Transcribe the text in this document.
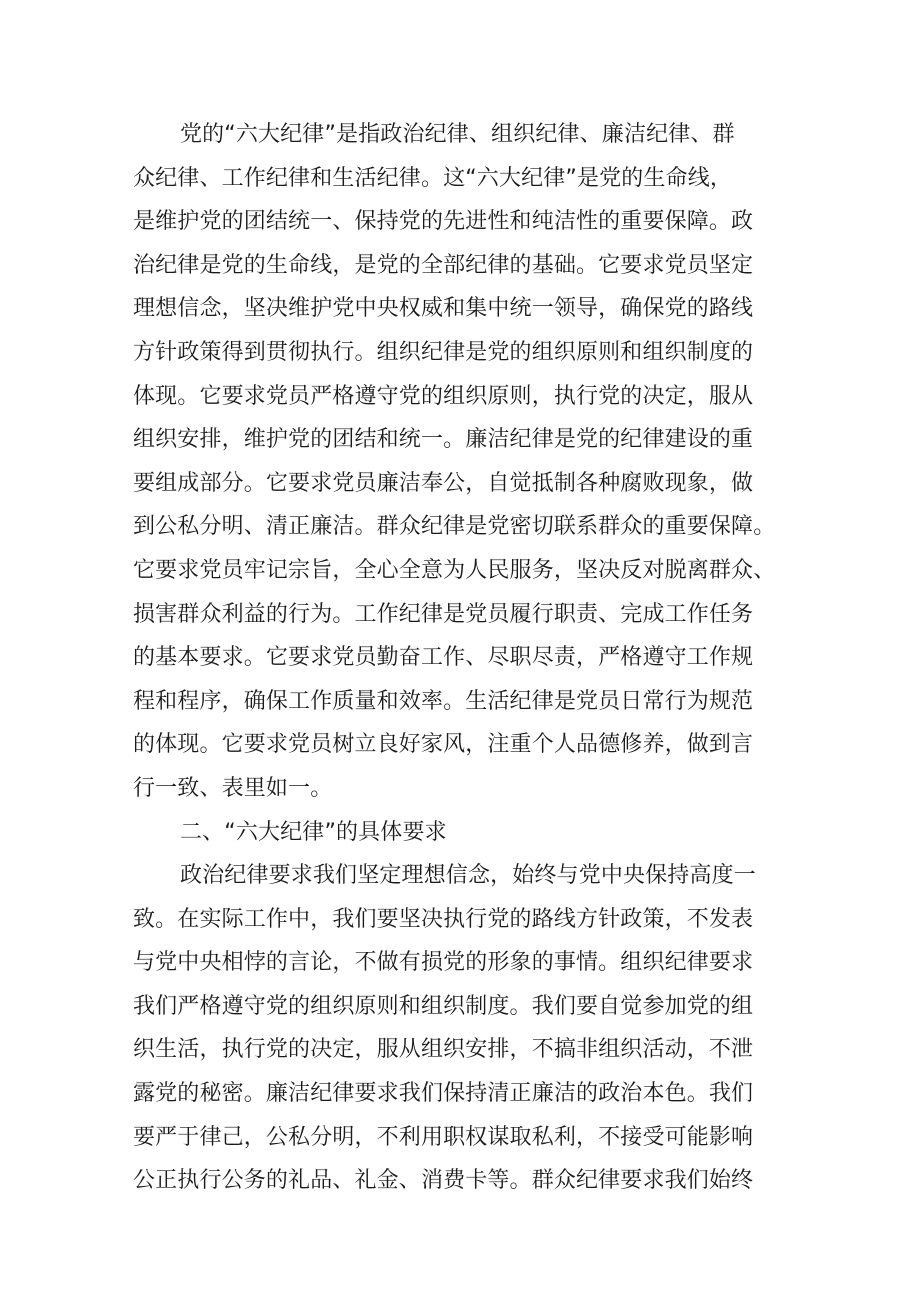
党的“六大纪律”是指政治纪律、组织纪律、廉洁纪律、群
众纪律、工作纪律和生活纪律。这“六大纪律”是党的生命线，
是维护党的团结统一、保持党的先进性和纯洁性的重要保障。政
治纪律是党的生命线，是党的全部纪律的基础。它要求党员坚定
理想信念，坚决维护党中央权威和集中统一领导，确保党的路线
方针政策得到贯彻执行。组织纪律是党的组织原则和组织制度的
体现。它要求党员严格遵守党的组织原则，执行党的决定，服从
组织安排，维护党的团结和统一。廉洁纪律是党的纪律建设的重
要组成部分。它要求党员廉洁奉公，自觉抵制各种腐败现象，做
到公私分明、清正廉洁。群众纪律是党密切联系群众的重要保障。
它要求党员牢记宗旨，全心全意为人民服务，坚决反对脱离群众、
损害群众利益的行为。工作纪律是党员履行职责、完成工作任务
的基本要求。它要求党员勤奋工作、尽职尽责，严格遵守工作规
程和程序，确保工作质量和效率。生活纪律是党员日常行为规范
的体现。它要求党员树立良好家风，注重个人品德修养，做到言
行一致、表里如一。
二、“六大纪律”的具体要求
政治纪律要求我们坚定理想信念，始终与党中央保持高度一
致。在实际工作中，我们要坚决执行党的路线方针政策，不发表
与党中央相悖的言论，不做有损党的形象的事情。组织纪律要求
我们严格遵守党的组织原则和组织制度。我们要自觉参加党的组
织生活，执行党的决定，服从组织安排，不搞非组织活动，不泄
露党的秘密。廉洁纪律要求我们保持清正廉洁的政治本色。我们
要严于律己，公私分明，不利用职权谋取私利，不接受可能影响
公正执行公务的礼品、礼金、消费卡等。群众纪律要求我们始终
